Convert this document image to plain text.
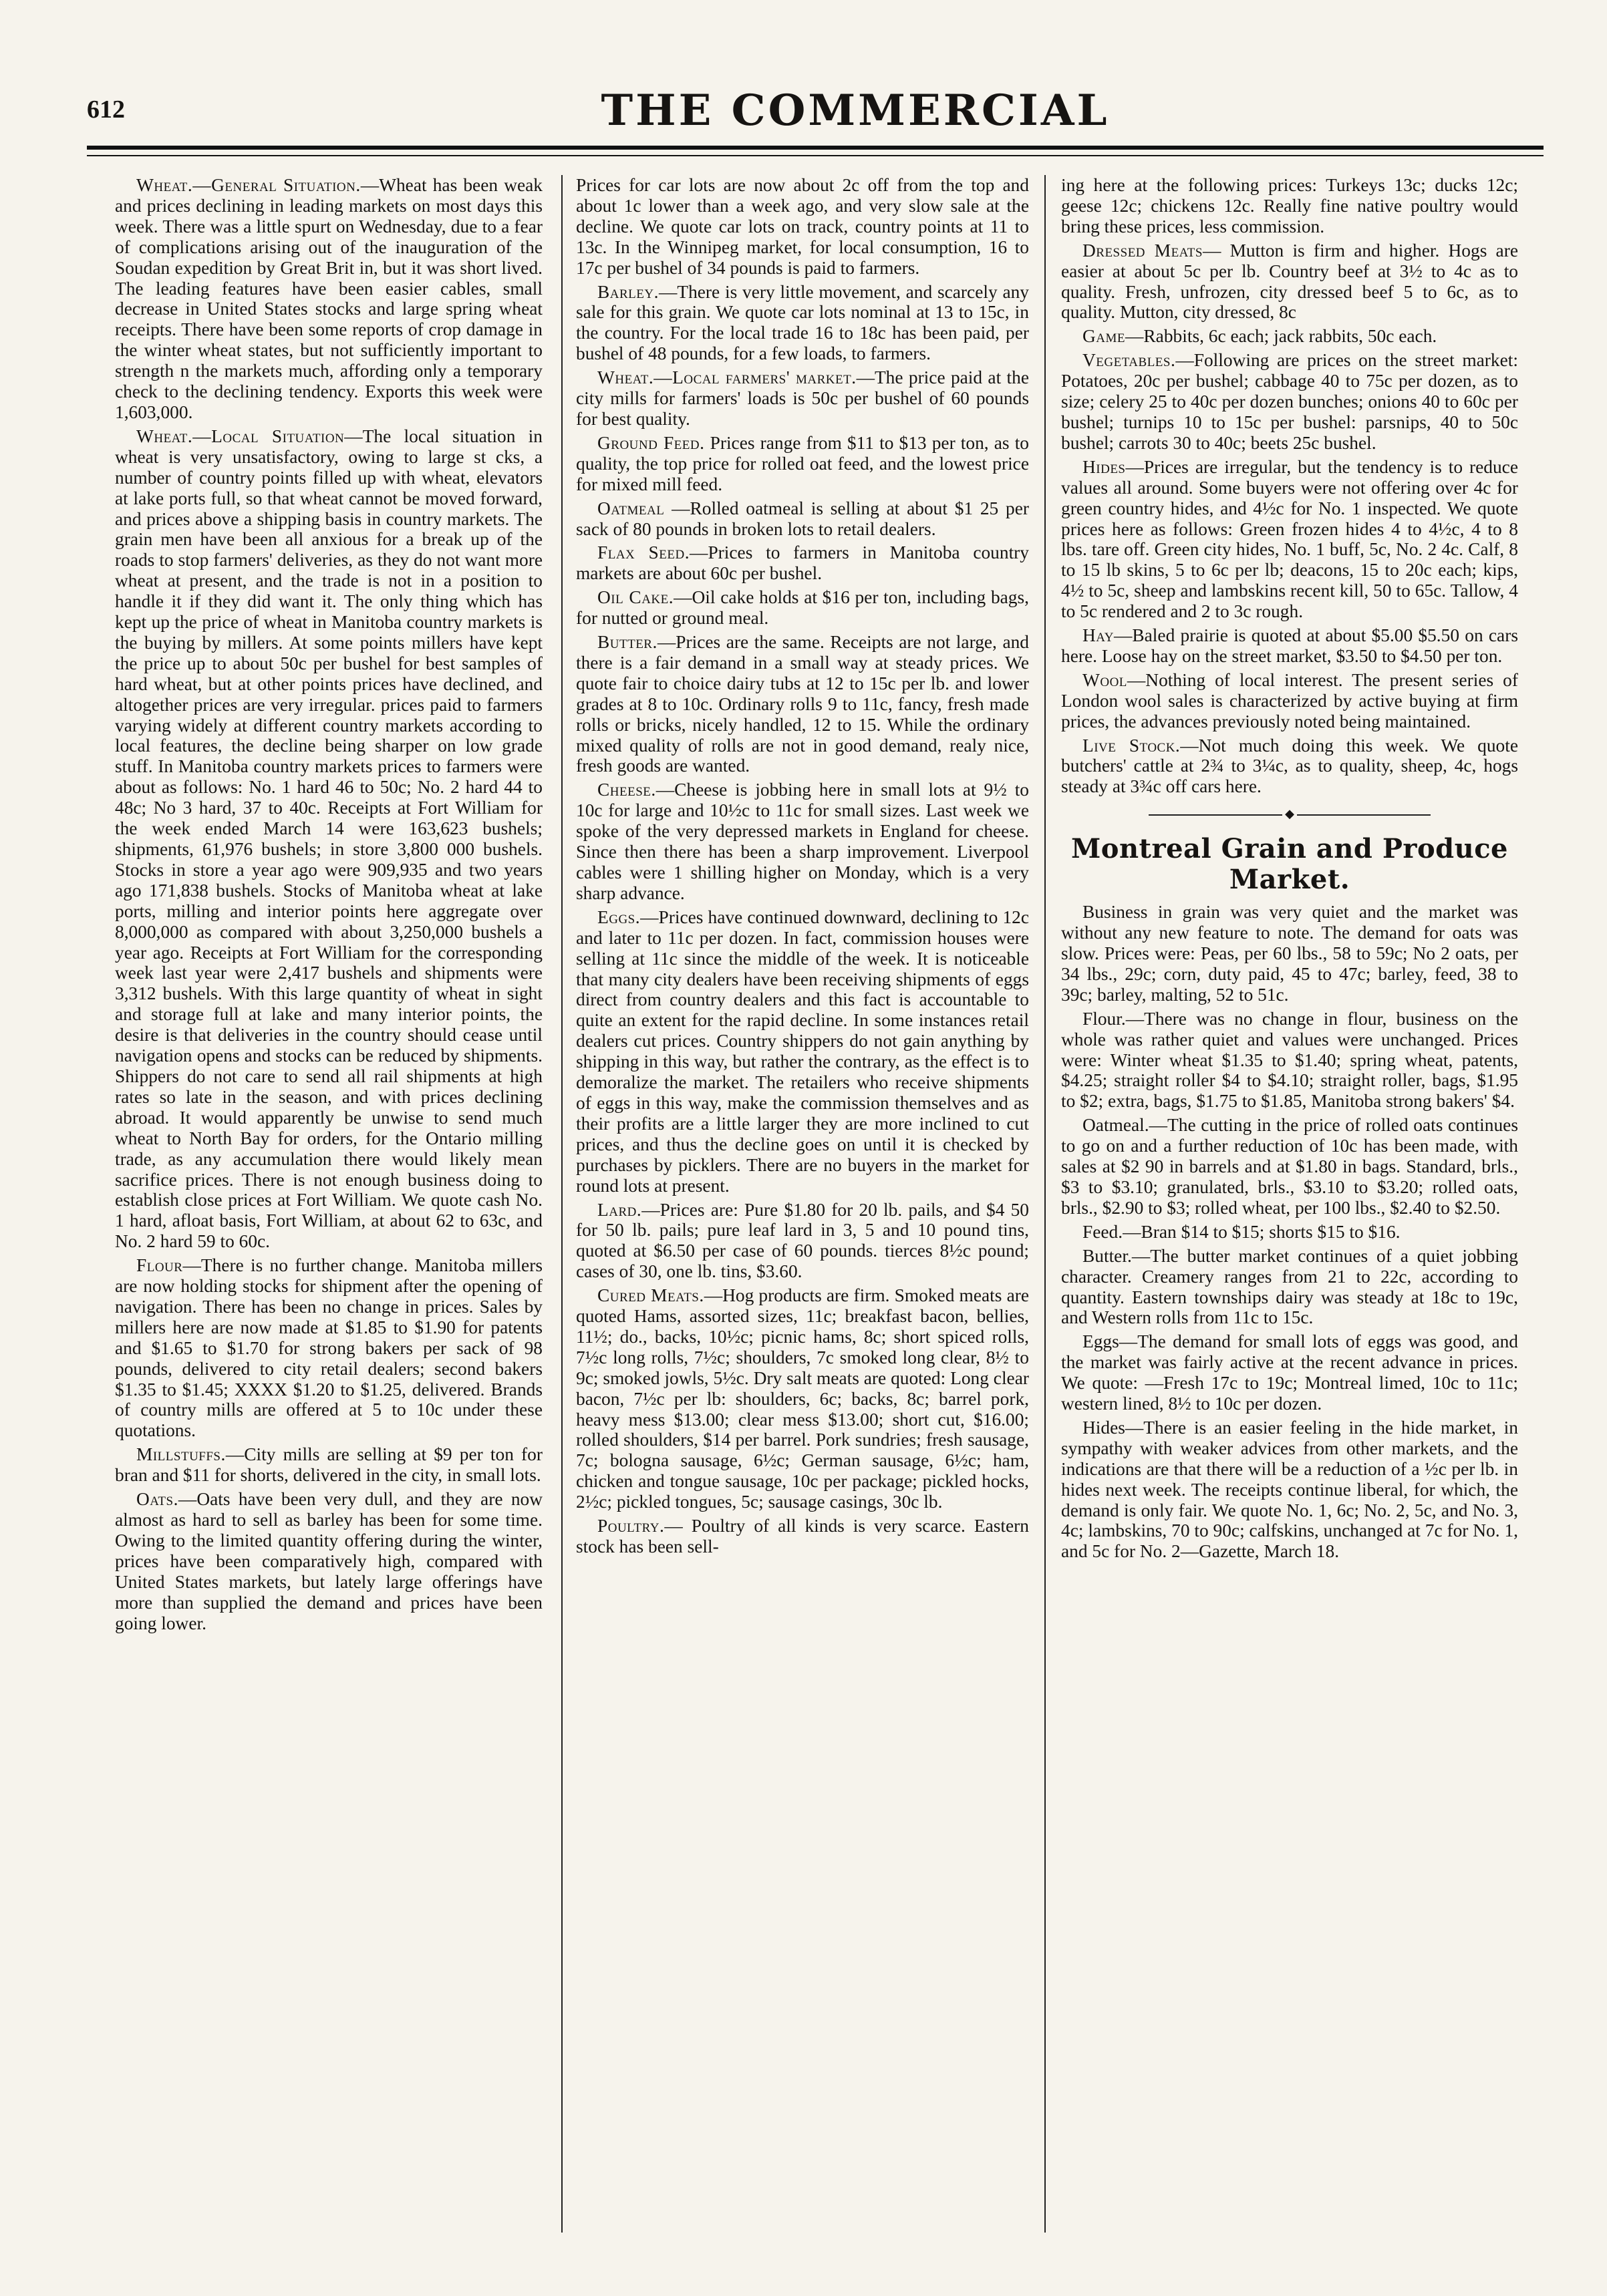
612	THE COMMERCIAL

Wheat.—General Situation.—Wheat has been weak and prices declining in leading markets on most days this week. There was a little spurt on Wednesday, due to a fear of complications arising out of the inauguration of the Soudan expedition by Great Brit in, but it was short lived. The leading features have been easier cables, small decrease in United States stocks and large spring wheat receipts. There have been some reports of crop damage in the winter wheat states, but not sufficiently important to strength n the markets much, affording only a temporary check to the declining tendency. Exports this week were 1,603,000.

Wheat.—Local Situation—The local situation in wheat is very unsatisfactory, owing to large st cks, a number of country points filled up with wheat, elevators at lake ports full, so that wheat cannot be moved forward, and prices above a shipping basis in country markets. The grain men have been all anxious for a break up of the roads to stop farmers' deliveries, as they do not want more wheat at present, and the trade is not in a position to handle it if they did want it. The only thing which has kept up the price of wheat in Manitoba country markets is the buying by millers. At some points millers have kept the price up to about 50c per bushel for best samples of hard wheat, but at other points prices have declined, and altogether prices are very irregular. prices paid to farmers varying widely at different country markets according to local features, the decline being sharper on low grade stuff. In Manitoba country markets prices to farmers were about as follows: No. 1 hard 46 to 50c; No. 2 hard 44 to 48c; No 3 hard, 37 to 40c. Receipts at Fort William for the week ended March 14 were 163,623 bushels; shipments, 61,976 bushels; in store 3,800 000 bushels. Stocks in store a year ago were 909,935 and two years ago 171,838 bushels. Stocks of Manitoba wheat at lake ports, milling and interior points here aggregate over 8,000,000 as compared with about 3,250,000 bushels a year ago. Receipts at Fort William for the corresponding week last year were 2,417 bushels and shipments were 3,312 bushels. With this large quantity of wheat in sight and storage full at lake and many interior points, the desire is that deliveries in the country should cease until navigation opens and stocks can be reduced by shipments. Shippers do not care to send all rail shipments at high rates so late in the season, and with prices declining abroad. It would apparently be unwise to send much wheat to North Bay for orders, for the Ontario milling trade, as any accumulation there would likely mean sacrifice prices. There is not enough business doing to establish close prices at Fort William. We quote cash No. 1 hard, afloat basis, Fort William, at about 62 to 63c, and No. 2 hard 59 to 60c.

Flour—There is no further change. Manitoba millers are now holding stocks for shipment after the opening of navigation. There has been no change in prices. Sales by millers here are now made at $1.85 to $1.90 for patents and $1.65 to $1.70 for strong bakers per sack of 98 pounds, delivered to city retail dealers; second bakers $1.35 to $1.45; XXXX $1.20 to $1.25, delivered. Brands of country mills are offered at 5 to 10c under these quotations.

Millstuffs.—City mills are selling at $9 per ton for bran and $11 for shorts, delivered in the city, in small lots.

Oats.—Oats have been very dull, and they are now almost as hard to sell as barley has been for some time. Owing to the limited quantity offering during the winter, prices have been comparatively high, compared with United States markets, but lately large offerings have more than supplied the demand and prices have been going lower.

Prices for car lots are now about 2c off from the top and about 1c lower than a week ago, and very slow sale at the decline. We quote car lots on track, country points at 11 to 13c. In the Winnipeg market, for local consumption, 16 to 17c per bushel of 34 pounds is paid to farmers.

Barley.—There is very little movement, and scarcely any sale for this grain. We quote car lots nominal at 13 to 15c, in the country. For the local trade 16 to 18c has been paid, per bushel of 48 pounds, for a few loads, to farmers.

Wheat.—Local farmers' market.—The price paid at the city mills for farmers' loads is 50c per bushel of 60 pounds for best quality.

Ground Feed. Prices range from $11 to $13 per ton, as to quality, the top price for rolled oat feed, and the lowest price for mixed mill feed.

Oatmeal —Rolled oatmeal is selling at about $1 25 per sack of 80 pounds in broken lots to retail dealers.

Flax Seed.—Prices to farmers in Manitoba country markets are about 60c per bushel.

Oil Cake.—Oil cake holds at $16 per ton, including bags, for nutted or ground meal.

Butter.—Prices are the same. Receipts are not large, and there is a fair demand in a small way at steady prices. We quote fair to choice dairy tubs at 12 to 15c per lb. and lower grades at 8 to 10c. Ordinary rolls 9 to 11c, fancy, fresh made rolls or bricks, nicely handled, 12 to 15. While the ordinary mixed quality of rolls are not in good demand, realy nice, fresh goods are wanted.

Cheese.—Cheese is jobbing here in small lots at 9½ to 10c for large and 10½c to 11c for small sizes. Last week we spoke of the very depressed markets in England for cheese. Since then there has been a sharp improvement. Liverpool cables were 1 shilling higher on Monday, which is a very sharp advance.

Eggs.—Prices have continued downward, declining to 12c and later to 11c per dozen. In fact, commission houses were selling at 11c since the middle of the week. It is noticeable that many city dealers have been receiving shipments of eggs direct from country dealers and this fact is accountable to quite an extent for the rapid decline. In some instances retail dealers cut prices. Country shippers do not gain anything by shipping in this way, but rather the contrary, as the effect is to demoralize the market. The retailers who receive shipments of eggs in this way, make the commission themselves and as their profits are a little larger they are more inclined to cut prices, and thus the decline goes on until it is checked by purchases by picklers. There are no buyers in the market for round lots at present.

Lard.—Prices are: Pure $1.80 for 20 lb. pails, and $4 50 for 50 lb. pails; pure leaf lard in 3, 5 and 10 pound tins, quoted at $6.50 per case of 60 pounds. tierces 8½c pound; cases of 30, one lb. tins, $3.60.

Cured Meats.—Hog products are firm. Smoked meats are quoted Hams, assorted sizes, 11c; breakfast bacon, bellies, 11½; do., backs, 10½c; picnic hams, 8c; short spiced rolls, 7½c long rolls, 7½c; shoulders, 7c smoked long clear, 8½ to 9c; smoked jowls, 5½c. Dry salt meats are quoted: Long clear bacon, 7½c per lb: shoulders, 6c; backs, 8c; barrel pork, heavy mess $13.00; clear mess $13.00; short cut, $16.00; rolled shoulders, $14 per barrel. Pork sundries; fresh sausage, 7c; bologna sausage, 6½c; German sausage, 6½c; ham, chicken and tongue sausage, 10c per package; pickled hocks, 2½c; pickled tongues, 5c; sausage casings, 30c lb.

Poultry.— Poultry of all kinds is very scarce. Eastern stock has been sell-

ing here at the following prices: Turkeys 13c; ducks 12c; geese 12c; chickens 12c. Really fine native poultry would bring these prices, less commission.

Dressed Meats— Mutton is firm and higher. Hogs are easier at about 5c per lb. Country beef at 3½ to 4c as to quality. Fresh, unfrozen, city dressed beef 5 to 6c, as to quality. Mutton, city dressed, 8c

Game—Rabbits, 6c each; jack rabbits, 50c each.

Vegetables.—Following are prices on the street market: Potatoes, 20c per bushel; cabbage 40 to 75c per dozen, as to size; celery 25 to 40c per dozen bunches; onions 40 to 60c per bushel; turnips 10 to 15c per bushel: parsnips, 40 to 50c bushel; carrots 30 to 40c; beets 25c bushel.

Hides—Prices are irregular, but the tendency is to reduce values all around. Some buyers were not offering over 4c for green country hides, and 4½c for No. 1 inspected. We quote prices here as follows: Green frozen hides 4 to 4½c, 4 to 8 lbs. tare off. Green city hides, No. 1 buff, 5c, No. 2 4c. Calf, 8 to 15 lb skins, 5 to 6c per lb; deacons, 15 to 20c each; kips, 4½ to 5c, sheep and lambskins recent kill, 50 to 65c. Tallow, 4 to 5c rendered and 2 to 3c rough.

Hay—Baled prairie is quoted at about $5.00 $5.50 on cars here. Loose hay on the street market, $3.50 to $4.50 per ton.

Wool—Nothing of local interest. The present series of London wool sales is characterized by active buying at firm prices, the advances previously noted being maintained.

Live Stock.—Not much doing this week. We quote butchers' cattle at 2¾ to 3¼c, as to quality, sheep, 4c, hogs steady at 3¾c off cars here.

◆
Montreal Grain and Produce Market.

Business in grain was very quiet and the market was without any new feature to note. The demand for oats was slow. Prices were: Peas, per 60 lbs., 58 to 59c; No 2 oats, per 34 lbs., 29c; corn, duty paid, 45 to 47c; barley, feed, 38 to 39c; barley, malting, 52 to 51c.

Flour.—There was no change in flour, business on the whole was rather quiet and values were unchanged. Prices were: Winter wheat $1.35 to $1.40; spring wheat, patents, $4.25; straight roller $4 to $4.10; straight roller, bags, $1.95 to $2; extra, bags, $1.75 to $1.85, Manitoba strong bakers' $4.

Oatmeal.—The cutting in the price of rolled oats continues to go on and a further reduction of 10c has been made, with sales at $2 90 in barrels and at $1.80 in bags. Standard, brls., $3 to $3.10; granulated, brls., $3.10 to $3.20; rolled oats, brls., $2.90 to $3; rolled wheat, per 100 lbs., $2.40 to $2.50.

Feed.—Bran $14 to $15; shorts $15 to $16.

Butter.—The butter market continues of a quiet jobbing character. Creamery ranges from 21 to 22c, according to quantity. Eastern townships dairy was steady at 18c to 19c, and Western rolls from 11c to 15c.

Eggs—The demand for small lots of eggs was good, and the market was fairly active at the recent advance in prices. We quote: —Fresh 17c to 19c; Montreal limed, 10c to 11c; western lined, 8½ to 10c per dozen.

Hides—There is an easier feeling in the hide market, in sympathy with weaker advices from other markets, and the indications are that there will be a reduction of a ½c per lb. in hides next week. The receipts continue liberal, for which, the demand is only fair. We quote No. 1, 6c; No. 2, 5c, and No. 3, 4c; lambskins, 70 to 90c; calfskins, unchanged at 7c for No. 1, and 5c for No. 2—Gazette, March 18.
